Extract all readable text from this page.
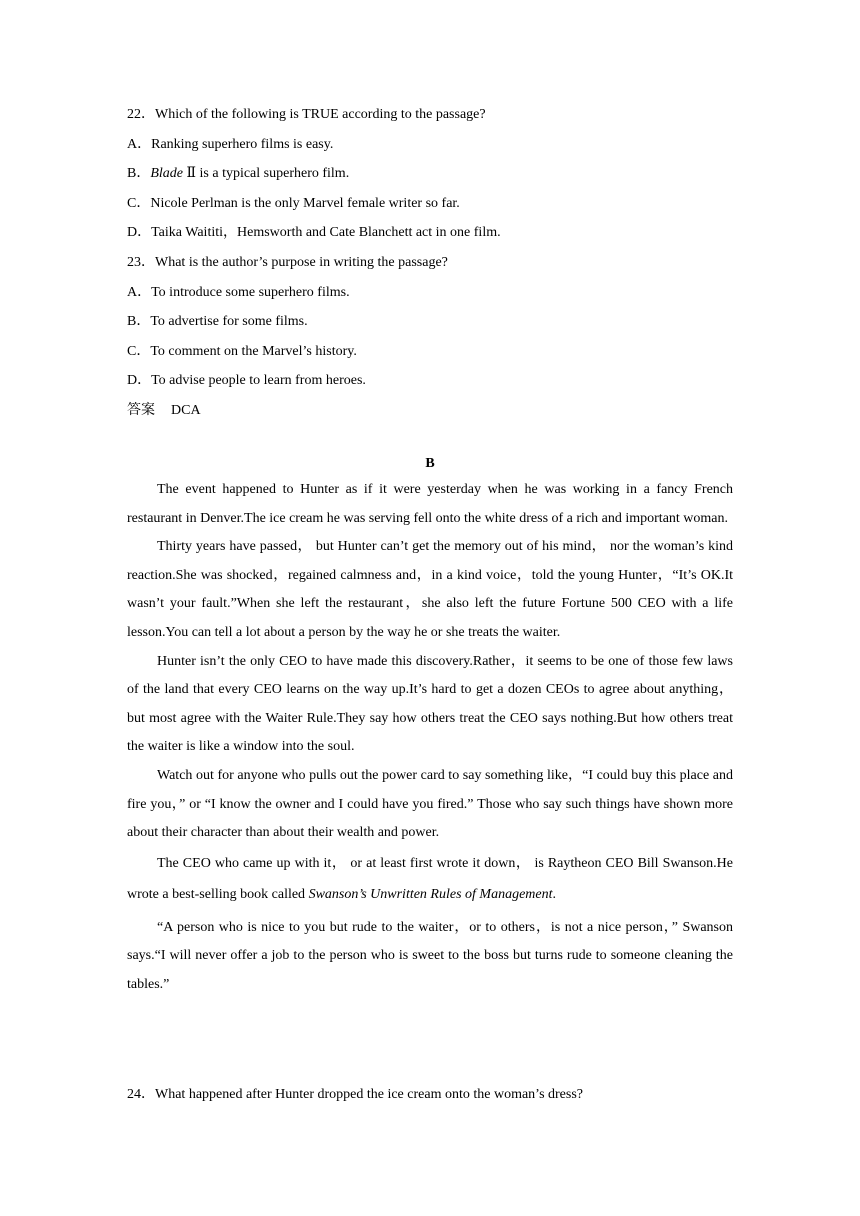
22．Which of the following is TRUE according to the passage?
A．Ranking superhero films is easy.
B．Blade Ⅱ is a typical superhero film.
C．Nicole Perlman is the only Marvel female writer so far.
D．Taika Waititi，Hemsworth and Cate Blanchett act in one film.
23．What is the author’s purpose in writing the passage?
A．To introduce some superhero films.
B．To advertise for some films.
C．To comment on the Marvel’s history.
D．To advise people to learn from heroes.
答案 DCA
B

The event happened to Hunter as if it were yesterday when he was working in a fancy French restaurant in Denver.The ice cream he was serving fell onto the white dress of a rich and important woman.

Thirty years have passed， but Hunter can’t get the memory out of his mind， nor the woman’s kind reaction.She was shocked，regained calmness and，in a kind voice，told the young Hunter，“It’s OK.It wasn’t your fault.”When she left the restaurant，she also left the future Fortune 500 CEO with a life lesson.You can tell a lot about a person by the way he or she treats the waiter.

Hunter isn’t the only CEO to have made this discovery.Rather，it seems to be one of those few laws of the land that every CEO learns on the way up.It’s hard to get a dozen CEOs to agree about anything， but most agree with the Waiter Rule.They say how others treat the CEO says nothing.But how others treat the waiter is like a window into the soul.

Watch out for anyone who pulls out the power card to say something like，“I could buy this place and fire you，” or “I know the owner and I could have you fired.” Those who say such things have shown more about their character than about their wealth and power.

The CEO who came up with it， or at least first wrote it down， is Raytheon CEO Bill Swanson.He wrote a best-selling book called Swanson’s Unwritten Rules of Management.

“A person who is nice to you but rude to the waiter，or to others，is not a nice person，” Swanson says.“I will never offer a job to the person who is sweet to the boss but turns rude to someone cleaning the tables.”

24．What happened after Hunter dropped the ice cream onto the woman’s dress?
